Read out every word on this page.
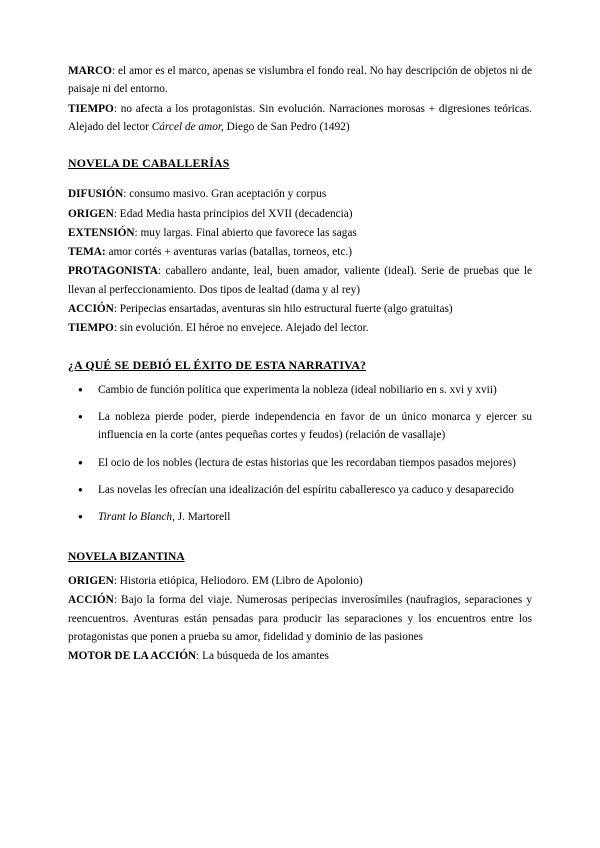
MARCO: el amor es el marco, apenas se vislumbra el fondo real. No hay descripción de objetos ni de paisaje ni del entorno.

TIEMPO: no afecta a los protagonistas. Sin evolución. Narraciones morosas + digresiones teóricas. Alejado del lector Cárcel de amor, Diego de San Pedro (1492)

NOVELA DE CABALLERÍAS

DIFUSIÓN: consumo masivo. Gran aceptación y corpus

ORIGEN: Edad Media hasta principios del XVII (decadencia)

EXTENSIÓN: muy largas. Final abierto que favorece las sagas

TEMA: amor cortés + aventuras varias (batallas, torneos, etc.)

PROTAGONISTA: caballero andante, leal, buen amador, valiente (ideal). Serie de pruebas que le llevan al perfeccionamiento. Dos tipos de lealtad (dama y al rey)

ACCIÓN: Peripecias ensartadas, aventuras sin hilo estructural fuerte (algo gratuitas)

TIEMPO: sin evolución. El héroe no envejece. Alejado del lector.

¿A QUÉ SE DEBIÓ EL ÉXITO DE ESTA NARRATIVA?

● Cambio de función política que experimenta la nobleza (ideal nobiliario en s. xvi y xvii)
● La nobleza pierde poder, pierde independencia en favor de un único monarca y ejercer su influencia en la corte (antes pequeñas cortes y feudos) (relación de vasallaje)
● El ocio de los nobles (lectura de estas historias que les recordaban tiempos pasados mejores)
● Las novelas les ofrecían una idealización del espíritu caballeresco ya caduco y desaparecido
● Tirant lo Blanch, J. Martorell

NOVELA BIZANTINA

ORIGEN: Historia etiópica, Heliodoro. EM (Libro de Apolonio)

ACCIÓN: Bajo la forma del viaje. Numerosas peripecias inverosímiles (naufragios, separaciones y reencuentros. Aventuras están pensadas para producir las separaciones y los encuentros entre los protagonistas que ponen a prueba su amor, fidelidad y dominio de las pasiones

MOTOR DE LA ACCIÓN: La búsqueda de los amantes
